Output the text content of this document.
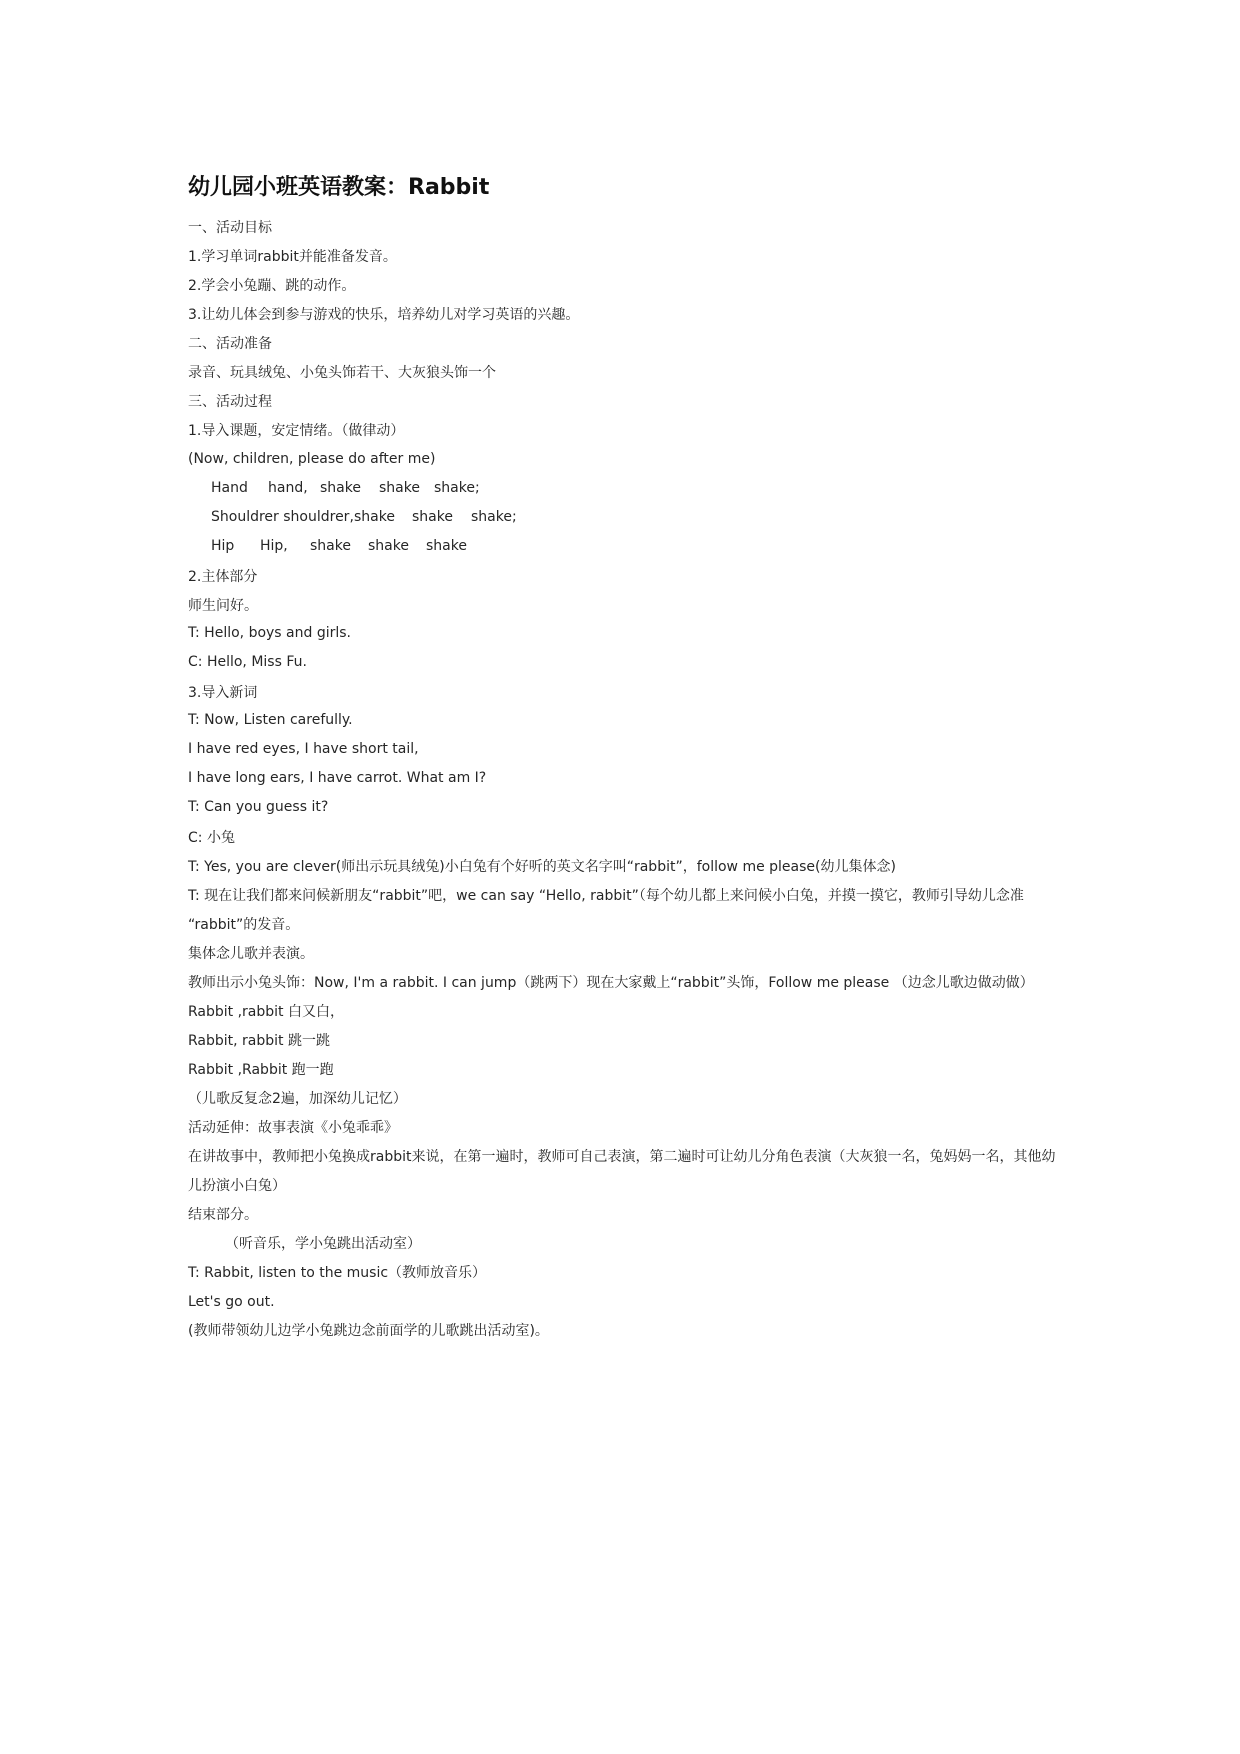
幼儿园小班英语教案：Rabbit

一、活动目标

1.学习单词rabbit并能准备发音。

2.学会小兔蹦、跳的动作。

3.让幼儿体会到参与游戏的快乐，培养幼儿对学习英语的兴趣。

二、活动准备

录音、玩具绒兔、小兔头饰若干、大灰狼头饰一个

三、活动过程

1.导入课题，安定情绪。（做律动）

(Now, children, please do after me)

Hand hand, shake shake shake;
Shouldrer shouldrer, shake shake shake;
Hip Hip, shake shake shake

2.主体部分

师生问好。

T: Hello, boys and girls.

C: Hello, Miss Fu.

3.导入新词

T: Now, Listen carefully.

I have red eyes, I have short tail,

I have long ears, I have carrot. What am I?

T: Can you guess it?

C: 小兔

T: Yes, you are clever(师出示玩具绒兔)小白兔有个好听的英文名字叫“rabbit”，follow me please(幼儿集体念)

T: 现在让我们都来问候新朋友“rabbit”吧，we can say “Hello, rabbit”（每个幼儿都上来问候小白兔，并摸一摸它，教师引导幼儿念准

“rabbit”的发音。

集体念儿歌并表演。

教师出示小兔头饰：Now, I'm a rabbit. I can jump（跳两下）现在大家戴上“rabbit”头饰，Follow me please （边念儿歌边做动做）

Rabbit ,rabbit 白又白，

Rabbit, rabbit 跳一跳

Rabbit ,Rabbit 跑一跑

（儿歌反复念2遍，加深幼儿记忆）

活动延伸：故事表演《小兔乖乖》

在讲故事中，教师把小兔换成rabbit来说，在第一遍时，教师可自己表演，第二遍时可让幼儿分角色表演（大灰狼一名，兔妈妈一名，其他幼

儿扮演小白兔）

结束部分。

（听音乐，学小兔跳出活动室）

T: Rabbit, listen to the music（教师放音乐）

Let's go out.

(教师带领幼儿边学小兔跳边念前面学的儿歌跳出活动室)。
